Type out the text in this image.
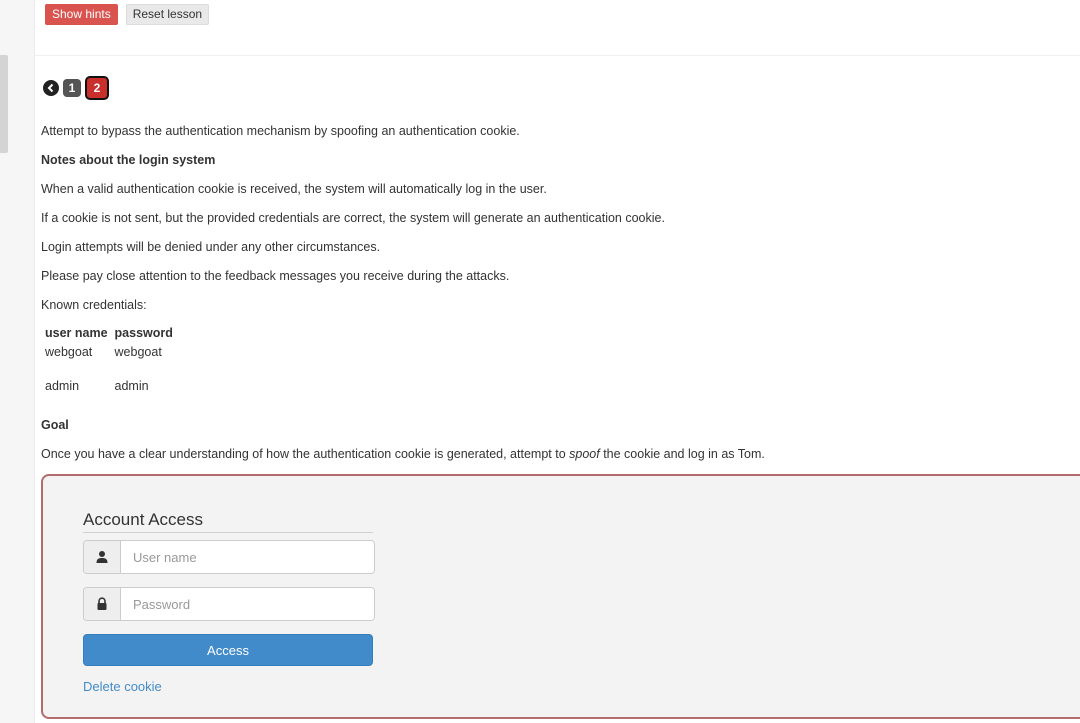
Show hints	Reset lesson
1	2

Attempt to bypass the authentication mechanism by spoofing an authentication cookie.

Notes about the login system

When a valid authentication cookie is received, the system will automatically log in the user.

If a cookie is not sent, but the provided credentials are correct, the system will generate an authentication cookie.

Login attempts will be denied under any other circumstances.

Please pay close attention to the feedback messages you receive during the attacks.

Known credentials:

user name	password
webgoat	webgoat
admin	admin

Goal

Once you have a clear understanding of how the authentication cookie is generated, attempt to spoof the cookie and log in as Tom.

Account Access
User name
Access
Delete cookie
